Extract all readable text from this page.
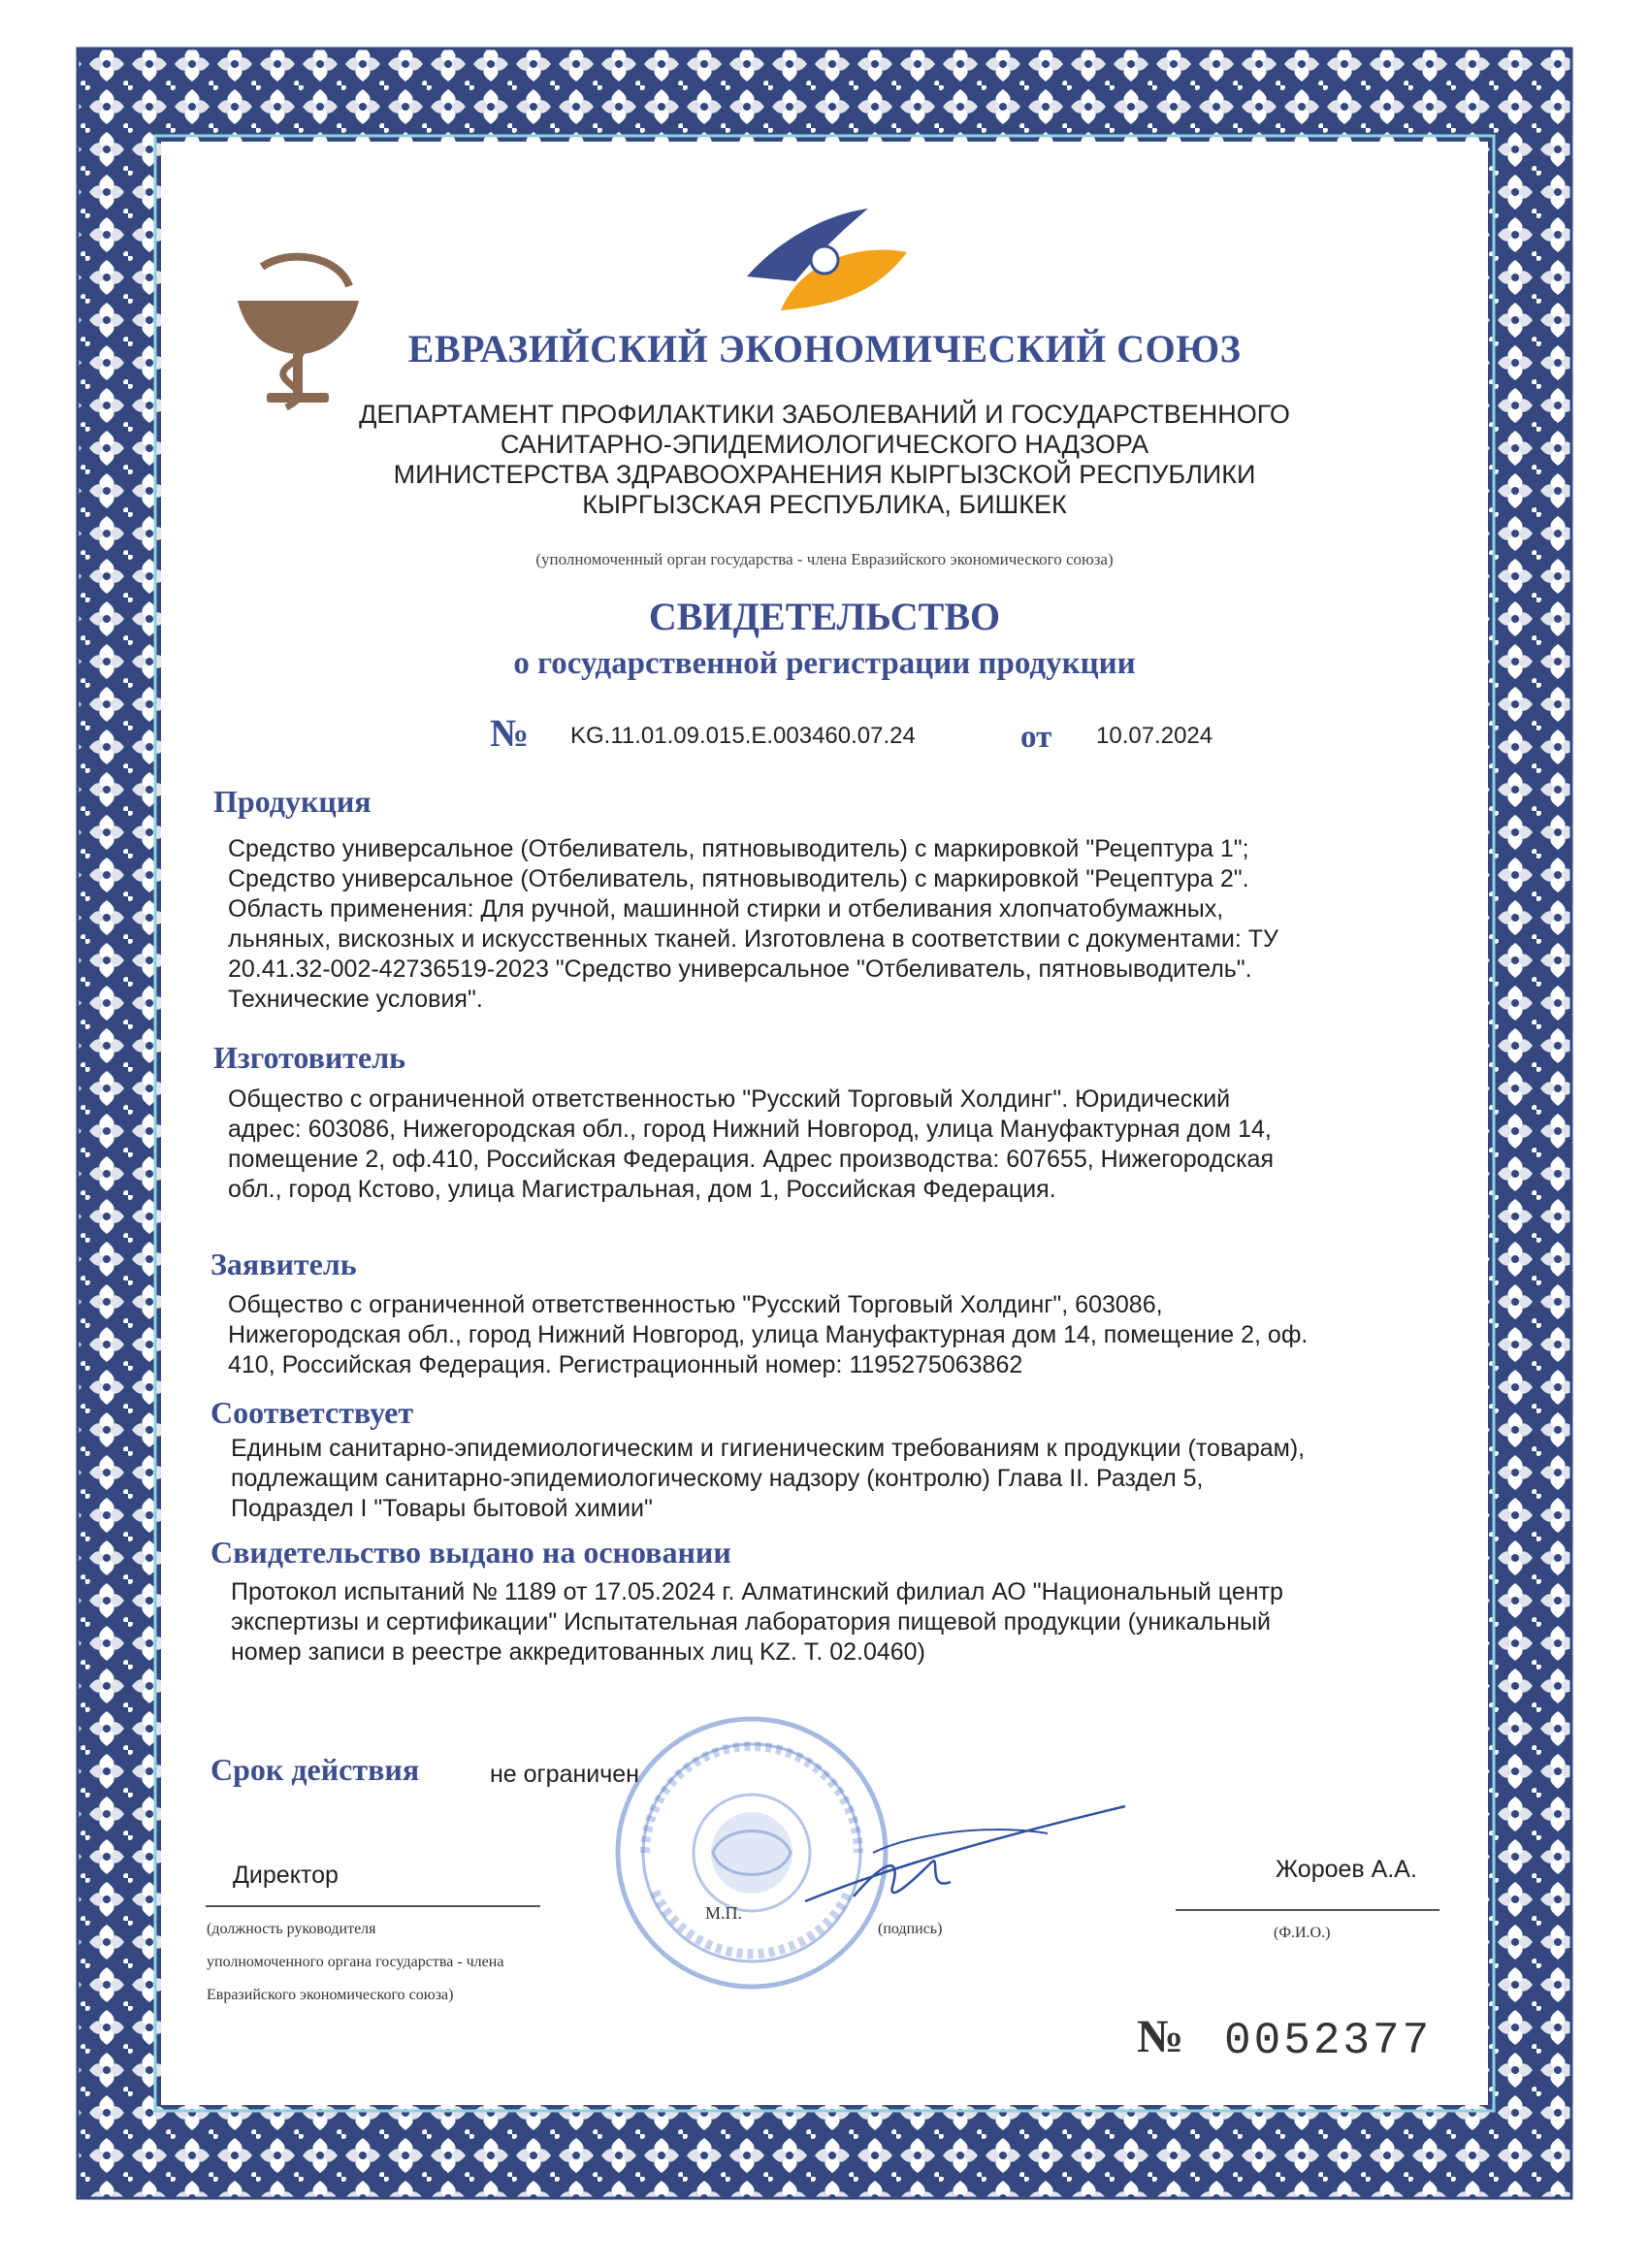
ЕВРАЗИЙСКИЙ ЭКОНОМИЧЕСКИЙ СОЮЗ
ДЕПАРТАМЕНТ ПРОФИЛАКТИКИ ЗАБОЛЕВАНИЙ И ГОСУДАРСТВЕННОГО
САНИТАРНО-ЭПИДЕМИОЛОГИЧЕСКОГО НАДЗОРА
МИНИСТЕРСТВА ЗДРАВООХРАНЕНИЯ КЫРГЫЗСКОЙ РЕСПУБЛИКИ
КЫРГЫЗСКАЯ РЕСПУБЛИКА, БИШКЕК
(уполномоченный орган государства - члена Евразийского экономического союза)
СВИДЕТЕЛЬСТВО
о государственной регистрации продукции
№ KG.11.01.09.015.E.003460.07.24	от 10.07.2024
Продукция
Средство универсальное (Отбеливатель, пятновыводитель) с маркировкой "Рецептура 1";
Средство универсальное (Отбеливатель, пятновыводитель) с маркировкой "Рецептура 2".
Область применения: Для ручной, машинной стирки и отбеливания хлопчатобумажных,
льняных, вискозных и искусственных тканей. Изготовлена в соответствии с документами: ТУ
20.41.32-002-42736519-2023 "Средство универсальное "Отбеливатель, пятновыводитель".
Технические условия".
Изготовитель
Общество с ограниченной ответственностью "Русский Торговый Холдинг". Юридический
адрес: 603086, Нижегородская обл., город Нижний Новгород, улица Мануфактурная дом 14,
помещение 2, оф.410, Российская Федерация. Адрес производства: 607655, Нижегородская
обл., город Кстово, улица Магистральная, дом 1, Российская Федерация.
Заявитель
Общество с ограниченной ответственностью "Русский Торговый Холдинг", 603086,
Нижегородская обл., город Нижний Новгород, улица Мануфактурная дом 14, помещение 2, оф.
410, Российская Федерация. Регистрационный номер: 1195275063862
Соответствует
Единым санитарно-эпидемиологическим и гигиеническим требованиям к продукции (товарам),
подлежащим санитарно-эпидемиологическому надзору (контролю) Глава II. Раздел 5,
Подраздел I "Товары бытовой химии"
Свидетельство выдано на основании
Протокол испытаний № 1189 от 17.05.2024 г. Алматинский филиал АО "Национальный центр
экспертизы и сертификации" Испытательная лаборатория пищевой продукции (уникальный
номер записи в реестре аккредитованных лиц KZ. Т. 02.0460)
Срок действия	не ограничен
Директор
(должность руководителя
уполномоченного органа государства - члена
Евразийского экономического союза)
М.П.
(подпись)
Жороев А.А.
(Ф.И.О.)
№ 0052377
